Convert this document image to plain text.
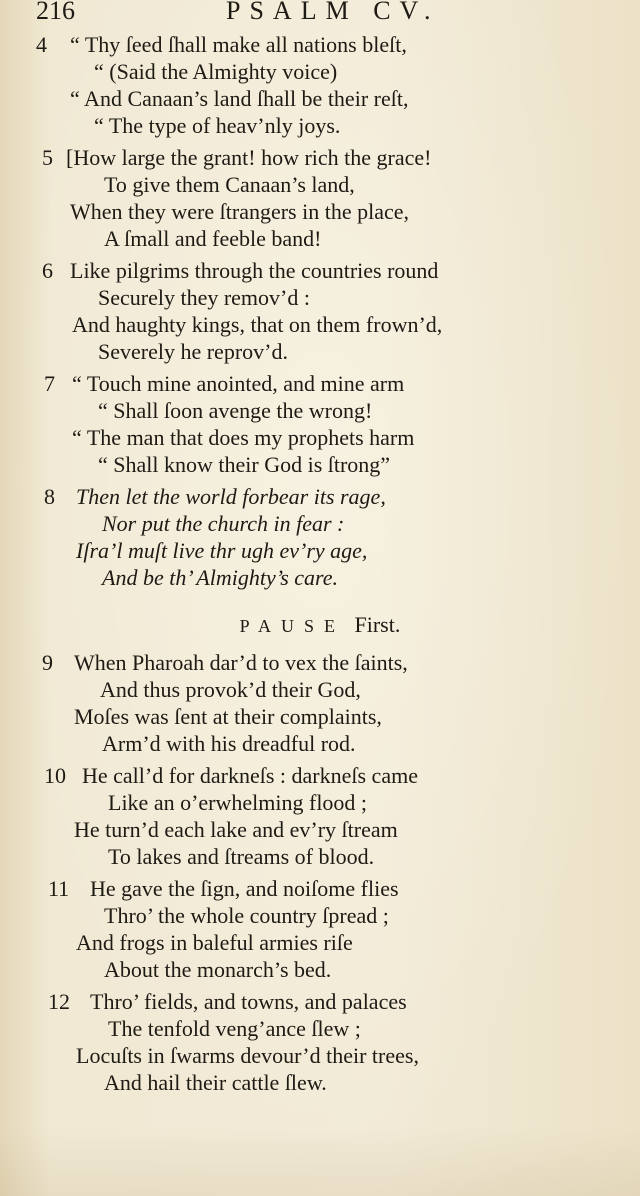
216	PSALM CV.
4	“ Thy ſeed ſhall make all nations bleſt,
“ (Said the Almighty voice)
“ And Canaan’s land ſhall be their reſt,
“ The type of heav’nly joys.
5 [How large the grant! how rich the grace!
To give them Canaan’s land,
When they were ſtrangers in the place,
A ſmall and feeble band!
6 Like pilgrims through the countries round
Securely they remov’d :
And haughty kings, that on them frown’d,
Severely he reprov’d.
7 “ Touch mine anointed, and mine arm
“ Shall ſoon avenge the wrong!
“ The man that does my prophets harm
“ Shall know their God is ſtrong”
8 Then let the world forbear its rage,
Nor put the church in fear :
Iſra’l muſt live thr ugh ev’ry age,
And be th’ Almighty’s care.
PAUSE First.
9 When Pharoah dar’d to vex the ſaints,
And thus provok’d their God,
Moſes was ſent at their complaints,
Arm’d with his dreadful rod.
10 He call’d for darkneſs : darkneſs came
Like an o’erwhelming flood ;
He turn’d each lake and ev’ry ſtream
To lakes and ſtreams of blood.
11 He gave the ſign, and noiſome flies
Thro’ the whole country ſpread ;
And frogs in baleful armies riſe
About the monarch’s bed.
12 Thro’ fields, and towns, and palaces
The tenfold veng’ance ſlew ;
Locuſts in ſwarms devour’d their trees,
And hail their cattle ſlew.
